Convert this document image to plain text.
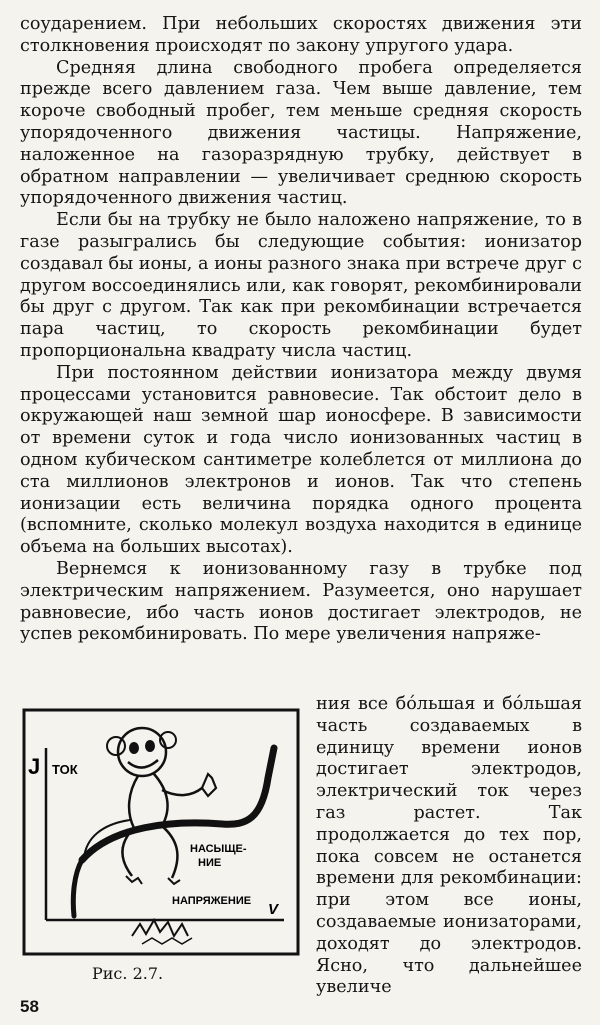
соударением. При небольших скоростях движения эти столкновения происходят по закону упругого удара.

Средняя длина свободного пробега определяется прежде всего давлением газа. Чем выше давление, тем короче свободный пробег, тем меньше средняя скорость упорядоченного движения частицы. Напряжение, наложенное на газоразрядную трубку, действует в обратном направлении — увеличивает среднюю скорость упорядоченного движения частиц.

Если бы на трубку не было наложено напряжение, то в газе разыгрались бы следующие события: ионизатор создавал бы ионы, а ионы разного знака при встрече друг с другом воссоединялись или, как говорят, рекомбинировали бы друг с другом. Так как при рекомбинации встречается пара частиц, то скорость рекомбинации будет пропорциональна квадрату числа частиц.

При постоянном действии ионизатора между двумя процессами установится равновесие. Так обстоит дело в окружающей наш земной шар ионосфере. В зависимости от времени суток и года число ионизованных частиц в одном кубическом сантиметре колеблется от миллиона до ста миллионов электронов и ионов. Так что степень ионизации есть величина порядка одного процента (вспомните, сколько молекул воздуха находится в единице объема на больших высотах).

Вернемся к ионизованному газу в трубке под электрическим напряжением. Разумеется, оно нарушает равновесие, ибо часть ионов достигает электродов, не успев рекомбинировать. По мере увеличения напряже-

J ТОК
НАСЫЩЕ-
НИЕ
НАПРЯЖЕНИЕ V

ния все бо́льшая и бо́льшая часть создаваемых в единицу времени ионов достигает электродов, электрический ток через газ растет. Так продолжается до тех пор, пока совсем не останется времени для рекомбинации: при этом все ионы, создаваемые ионизаторами, доходят до электродов. Ясно, что дальнейшее увеличе

Рис. 2.7.
58
